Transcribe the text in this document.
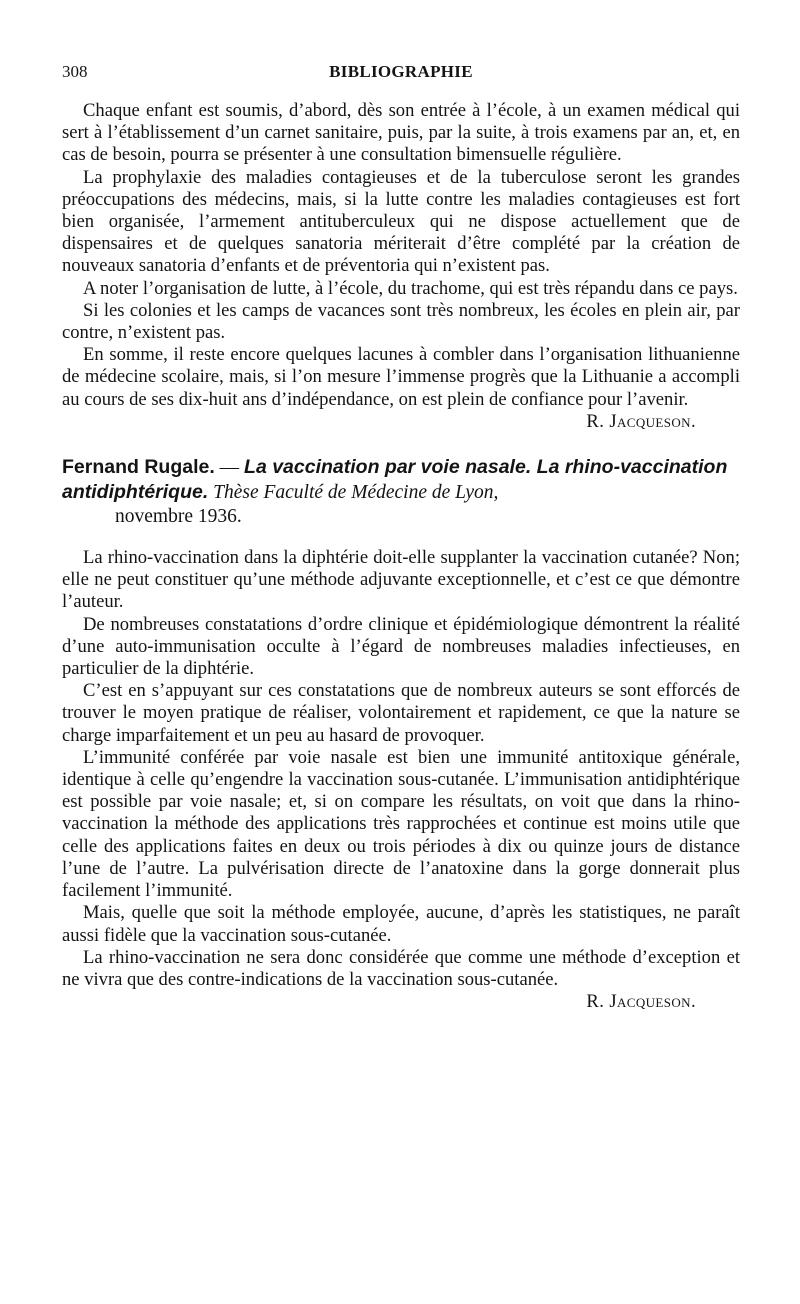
308	BIBLIOGRAPHIE

Chaque enfant est soumis, d’abord, dès son entrée à l’école, à un examen médical qui sert à l’établissement d’un carnet sanitaire, puis, par la suite, à trois examens par an, et, en cas de besoin, pourra se présenter à une consultation bimensuelle régulière.

La prophylaxie des maladies contagieuses et de la tuberculose seront les grandes préoccupations des médecins, mais, si la lutte contre les maladies contagieuses est fort bien organisée, l’armement antituberculeux qui ne dispose actuellement que de dispensaires et de quelques sanatoria mériterait d’être complété par la création de nouveaux sanatoria d’enfants et de préventoria qui n’existent pas.

A noter l’organisation de lutte, à l’école, du trachome, qui est très répandu dans ce pays.

Si les colonies et les camps de vacances sont très nombreux, les écoles en plein air, par contre, n’existent pas.

En somme, il reste encore quelques lacunes à combler dans l’organisation lithuanienne de médecine scolaire, mais, si l’on mesure l’immense progrès que la Lithuanie a accompli au cours de ses dix-huit ans d’indépendance, on est plein de confiance pour l’avenir.

R. Jacqueson.

Fernand Rugale. — La vaccination par voie nasale. La rhino-vaccination antidiphtérique. Thèse Faculté de Médecine de Lyon,
novembre 1936.

La rhino-vaccination dans la diphtérie doit-elle supplanter la vaccination cutanée? Non; elle ne peut constituer qu’une méthode adjuvante exceptionnelle, et c’est ce que démontre l’auteur.

De nombreuses constatations d’ordre clinique et épidémiologique démontrent la réalité d’une auto-immunisation occulte à l’égard de nombreuses maladies infectieuses, en particulier de la diphtérie.

C’est en s’appuyant sur ces constatations que de nombreux auteurs se sont efforcés de trouver le moyen pratique de réaliser, volontairement et rapidement, ce que la nature se charge imparfaitement et un peu au hasard de provoquer.

L’immunité conférée par voie nasale est bien une immunité antitoxique générale, identique à celle qu’engendre la vaccination sous-cutanée. L’immunisation antidiphtérique est possible par voie nasale; et, si on compare les résultats, on voit que dans la rhino-vaccination la méthode des applications très rapprochées et continue est moins utile que celle des applications faites en deux ou trois périodes à dix ou quinze jours de distance l’une de l’autre. La pulvérisation directe de l’anatoxine dans la gorge donnerait plus facilement l’immunité.

Mais, quelle que soit la méthode employée, aucune, d’après les statistiques, ne paraît aussi fidèle que la vaccination sous-cutanée.

La rhino-vaccination ne sera donc considérée que comme une méthode d’exception et ne vivra que des contre-indications de la vaccination sous-cutanée.

R. Jacqueson.
